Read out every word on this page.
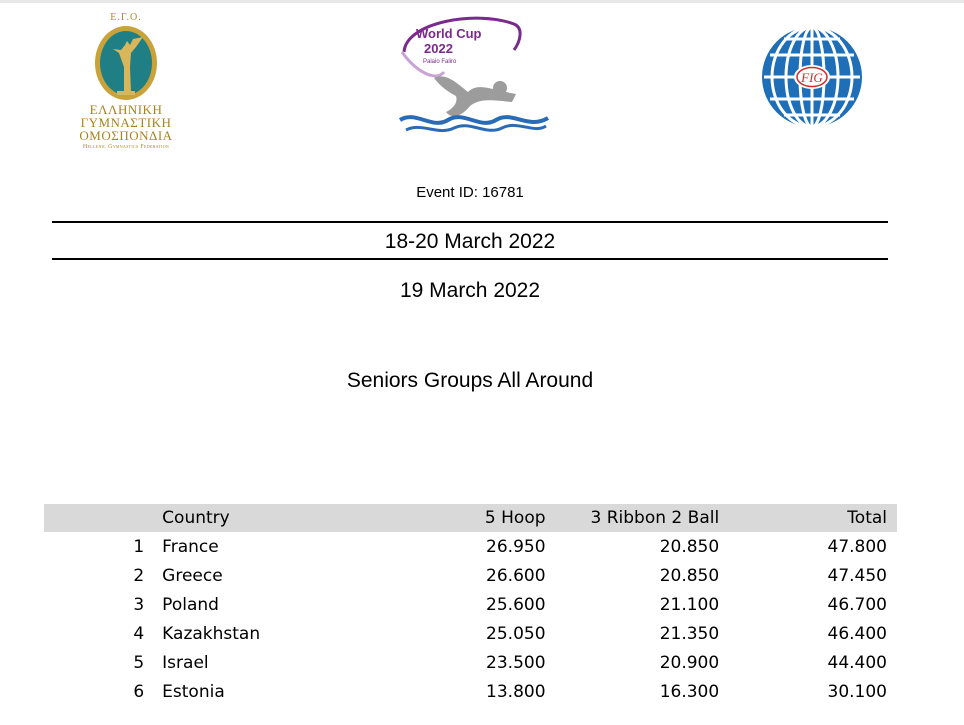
Ε.Γ.Ο.
ΕΛΛΗΝΙΚΗ
ΓΥΜΝΑΣΤΙΚΗ
ΟΜΟΣΠΟΝΔΙΑ
Hellenic Gymnastics Federation
World Cup
2022
Palaio Faliro
FIG
Event ID: 16781
18-20 March 2022
19 March 2022
Seniors Groups All Around
	Country	5 Hoop	3 Ribbon 2 Ball	Total
1	France	26.950	20.850	47.800
2	Greece	26.600	20.850	47.450
3	Poland	25.600	21.100	46.700
4	Kazakhstan	25.050	21.350	46.400
5	Israel	23.500	20.900	44.400
6	Estonia	13.800	16.300	30.100
